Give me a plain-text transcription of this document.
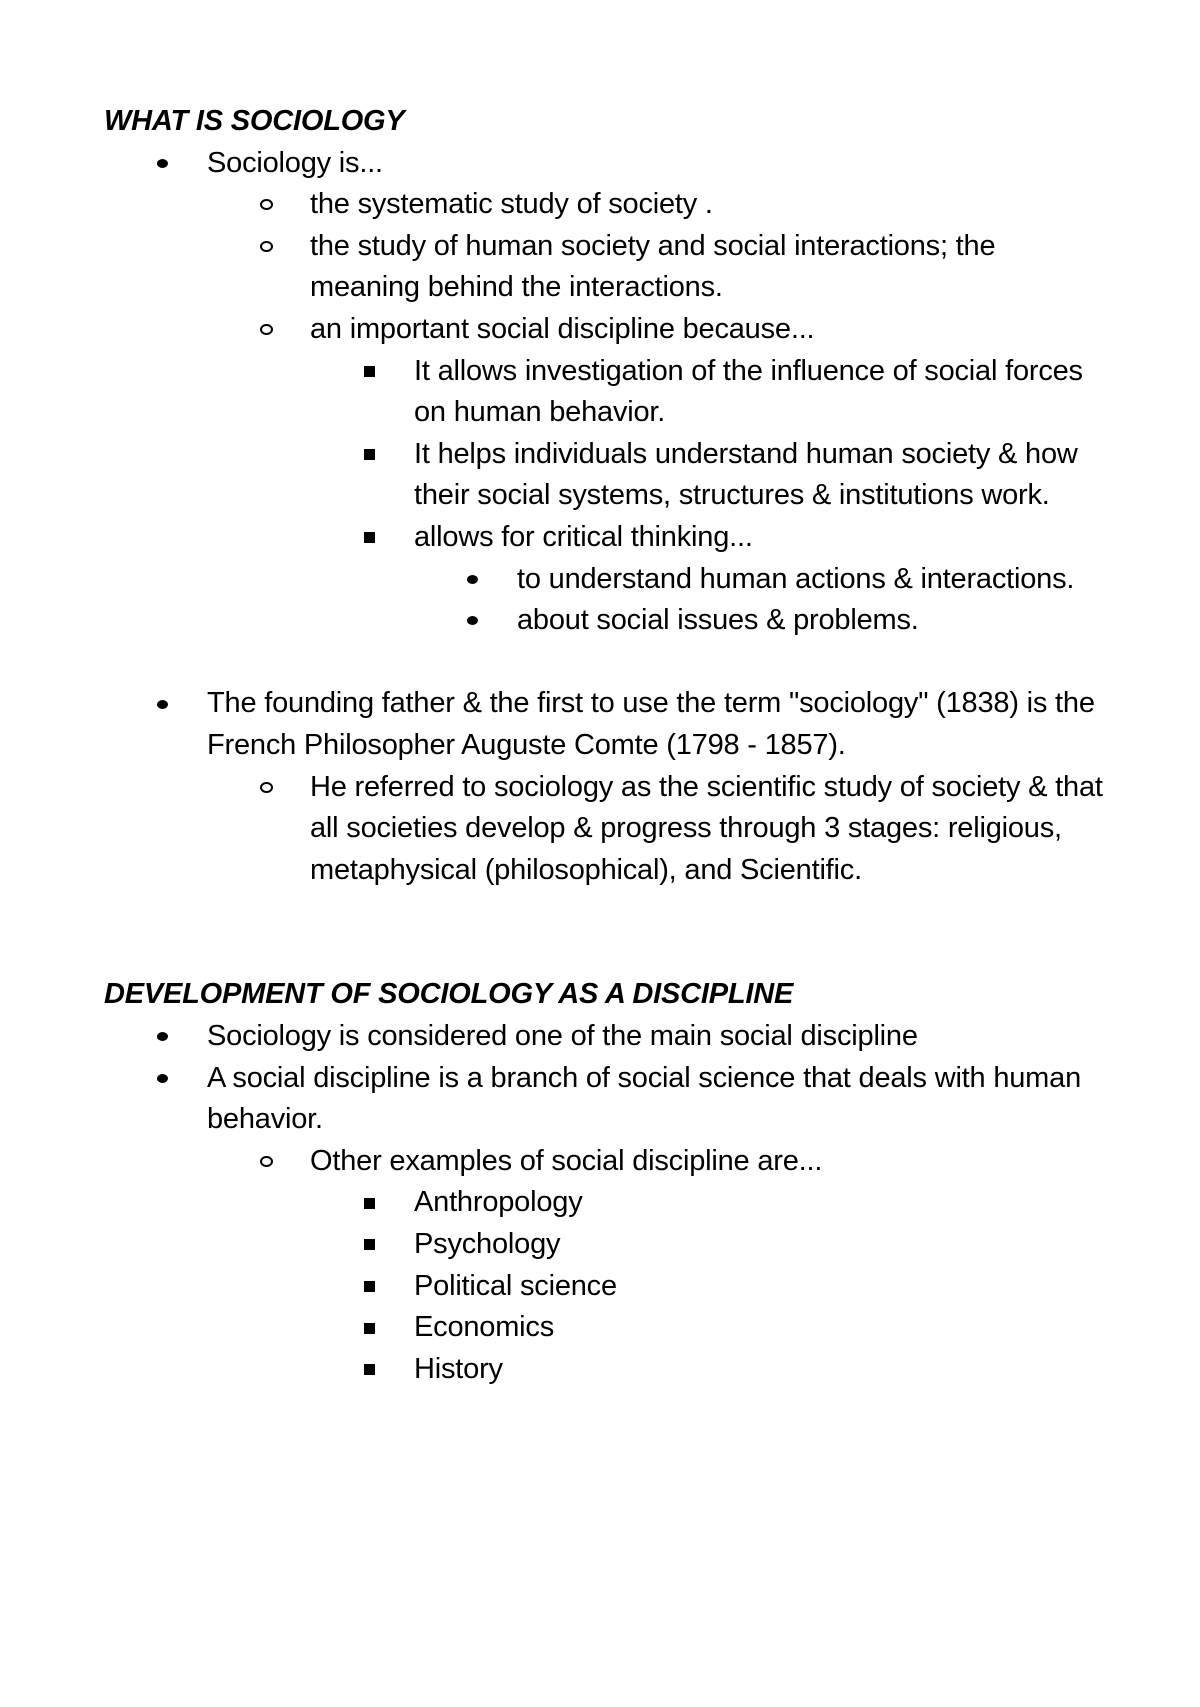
WHAT IS SOCIOLOGY
Sociology is...
the systematic study of society .
the study of human society and social interactions; the meaning behind the interactions.
an important social discipline because...
It allows investigation of the influence of social forces on human behavior.
It helps individuals understand human society & how their social systems, structures & institutions work.
allows for critical thinking...
to understand human actions & interactions.
about social issues & problems.
The founding father & the first to use the term "sociology" (1838) is the French Philosopher Auguste Comte (1798 - 1857).
He referred to sociology as the scientific study of society & that all societies develop & progress through 3 stages: religious, metaphysical (philosophical), and Scientific.
DEVELOPMENT OF SOCIOLOGY AS A DISCIPLINE
Sociology is considered one of the main social discipline
A social discipline is a branch of social science that deals with human behavior.
Other examples of social discipline are...
Anthropology
Psychology
Political science
Economics
History
